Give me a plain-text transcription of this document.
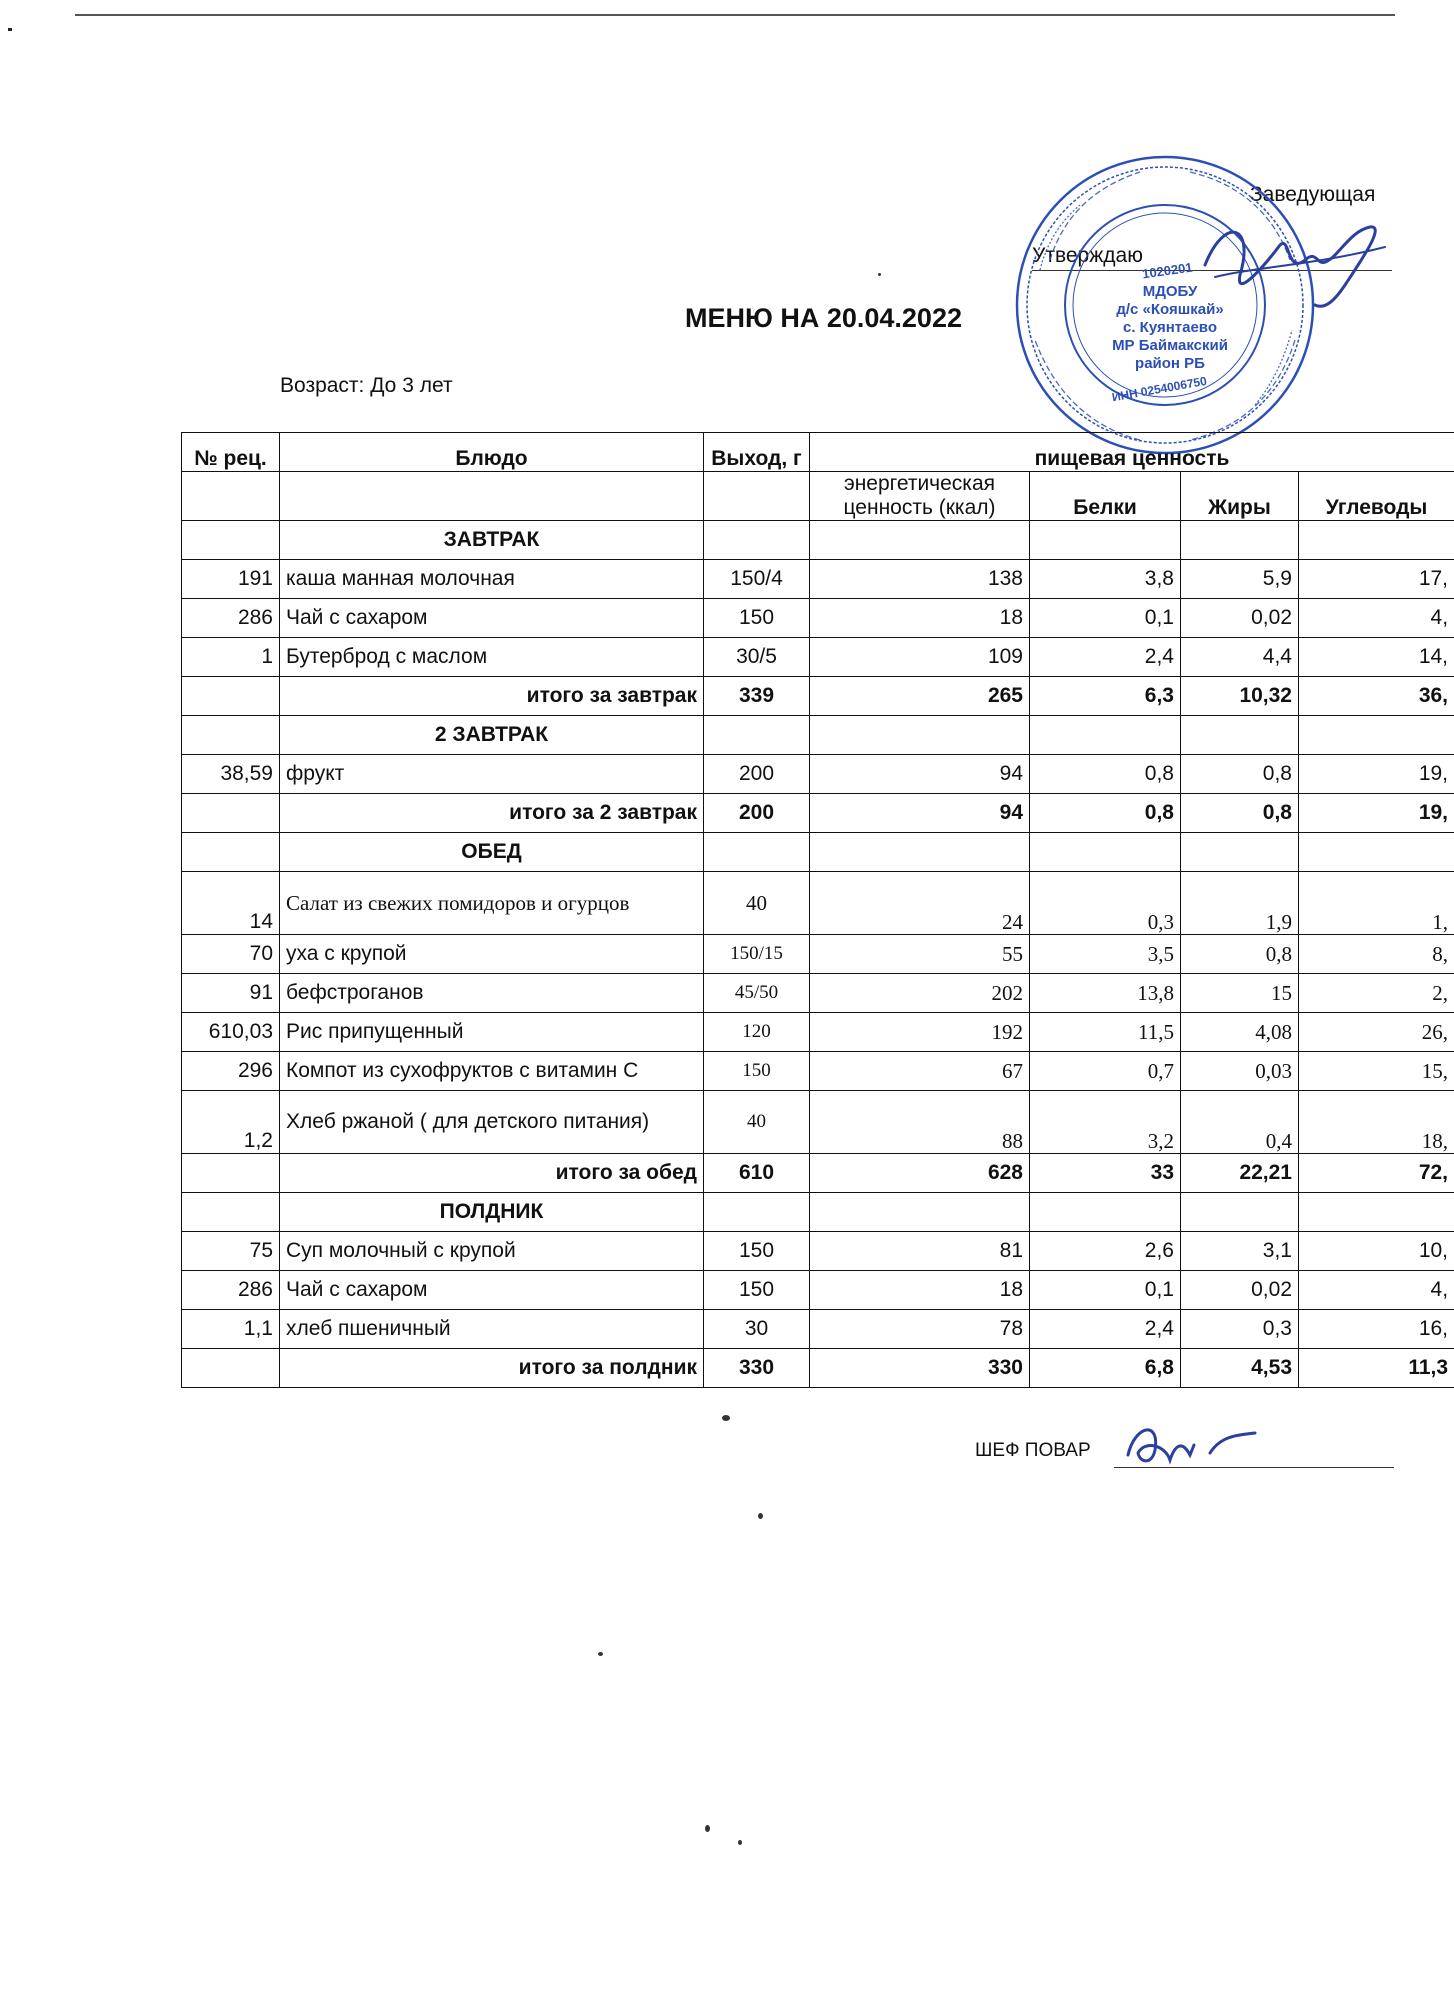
Заведующая
Утверждаю
1020201
МДОБУ
д/с «Кояшкай»
с. Куянтаево
МР Баймакский
район РБ
ИНН 0254006750
МЕНЮ НА 20.04.2022
Возраст: До 3 лет
№ рец.	Блюдо	Выход, г	пищевая ценность			
			энергетическая ценность (ккал)	Белки	Жиры	Углеводы
	ЗАВТРАК					
191	каша манная молочная	150/4	138	3,8	5,9	17,
286	Чай с сахаром	150	18	0,1	0,02	4,
1	Бутерброд с маслом	30/5	109	2,4	4,4	14,
	итого за завтрак	339	265	6,3	10,32	36,
	2 ЗАВТРАК					
38,59	фрукт	200	94	0,8	0,8	19,
	итого за 2 завтрак	200	94	0,8	0,8	19,
	ОБЕД					
14	Салат из свежих помидоров и огурцов	40	24	0,3	1,9	1,
70	уха с крупой	150/15	55	3,5	0,8	8,
91	бефстроганов	45/50	202	13,8	15	2,
610,03	Рис припущенный	120	192	11,5	4,08	26,
296	Компот из сухофруктов с витамин С	150	67	0,7	0,03	15,
1,2	Хлеб ржаной ( для детского питания)	40	88	3,2	0,4	18,
	итого за обед	610	628	33	22,21	72,
	ПОЛДНИК					
75	Суп молочный с крупой	150	81	2,6	3,1	10,
286	Чай с сахаром	150	18	0,1	0,02	4,
1,1	хлеб пшеничный	30	78	2,4	0,3	16,
	итого за полдник	330	330	6,8	4,53	11,3
ШЕФ ПОВАР
